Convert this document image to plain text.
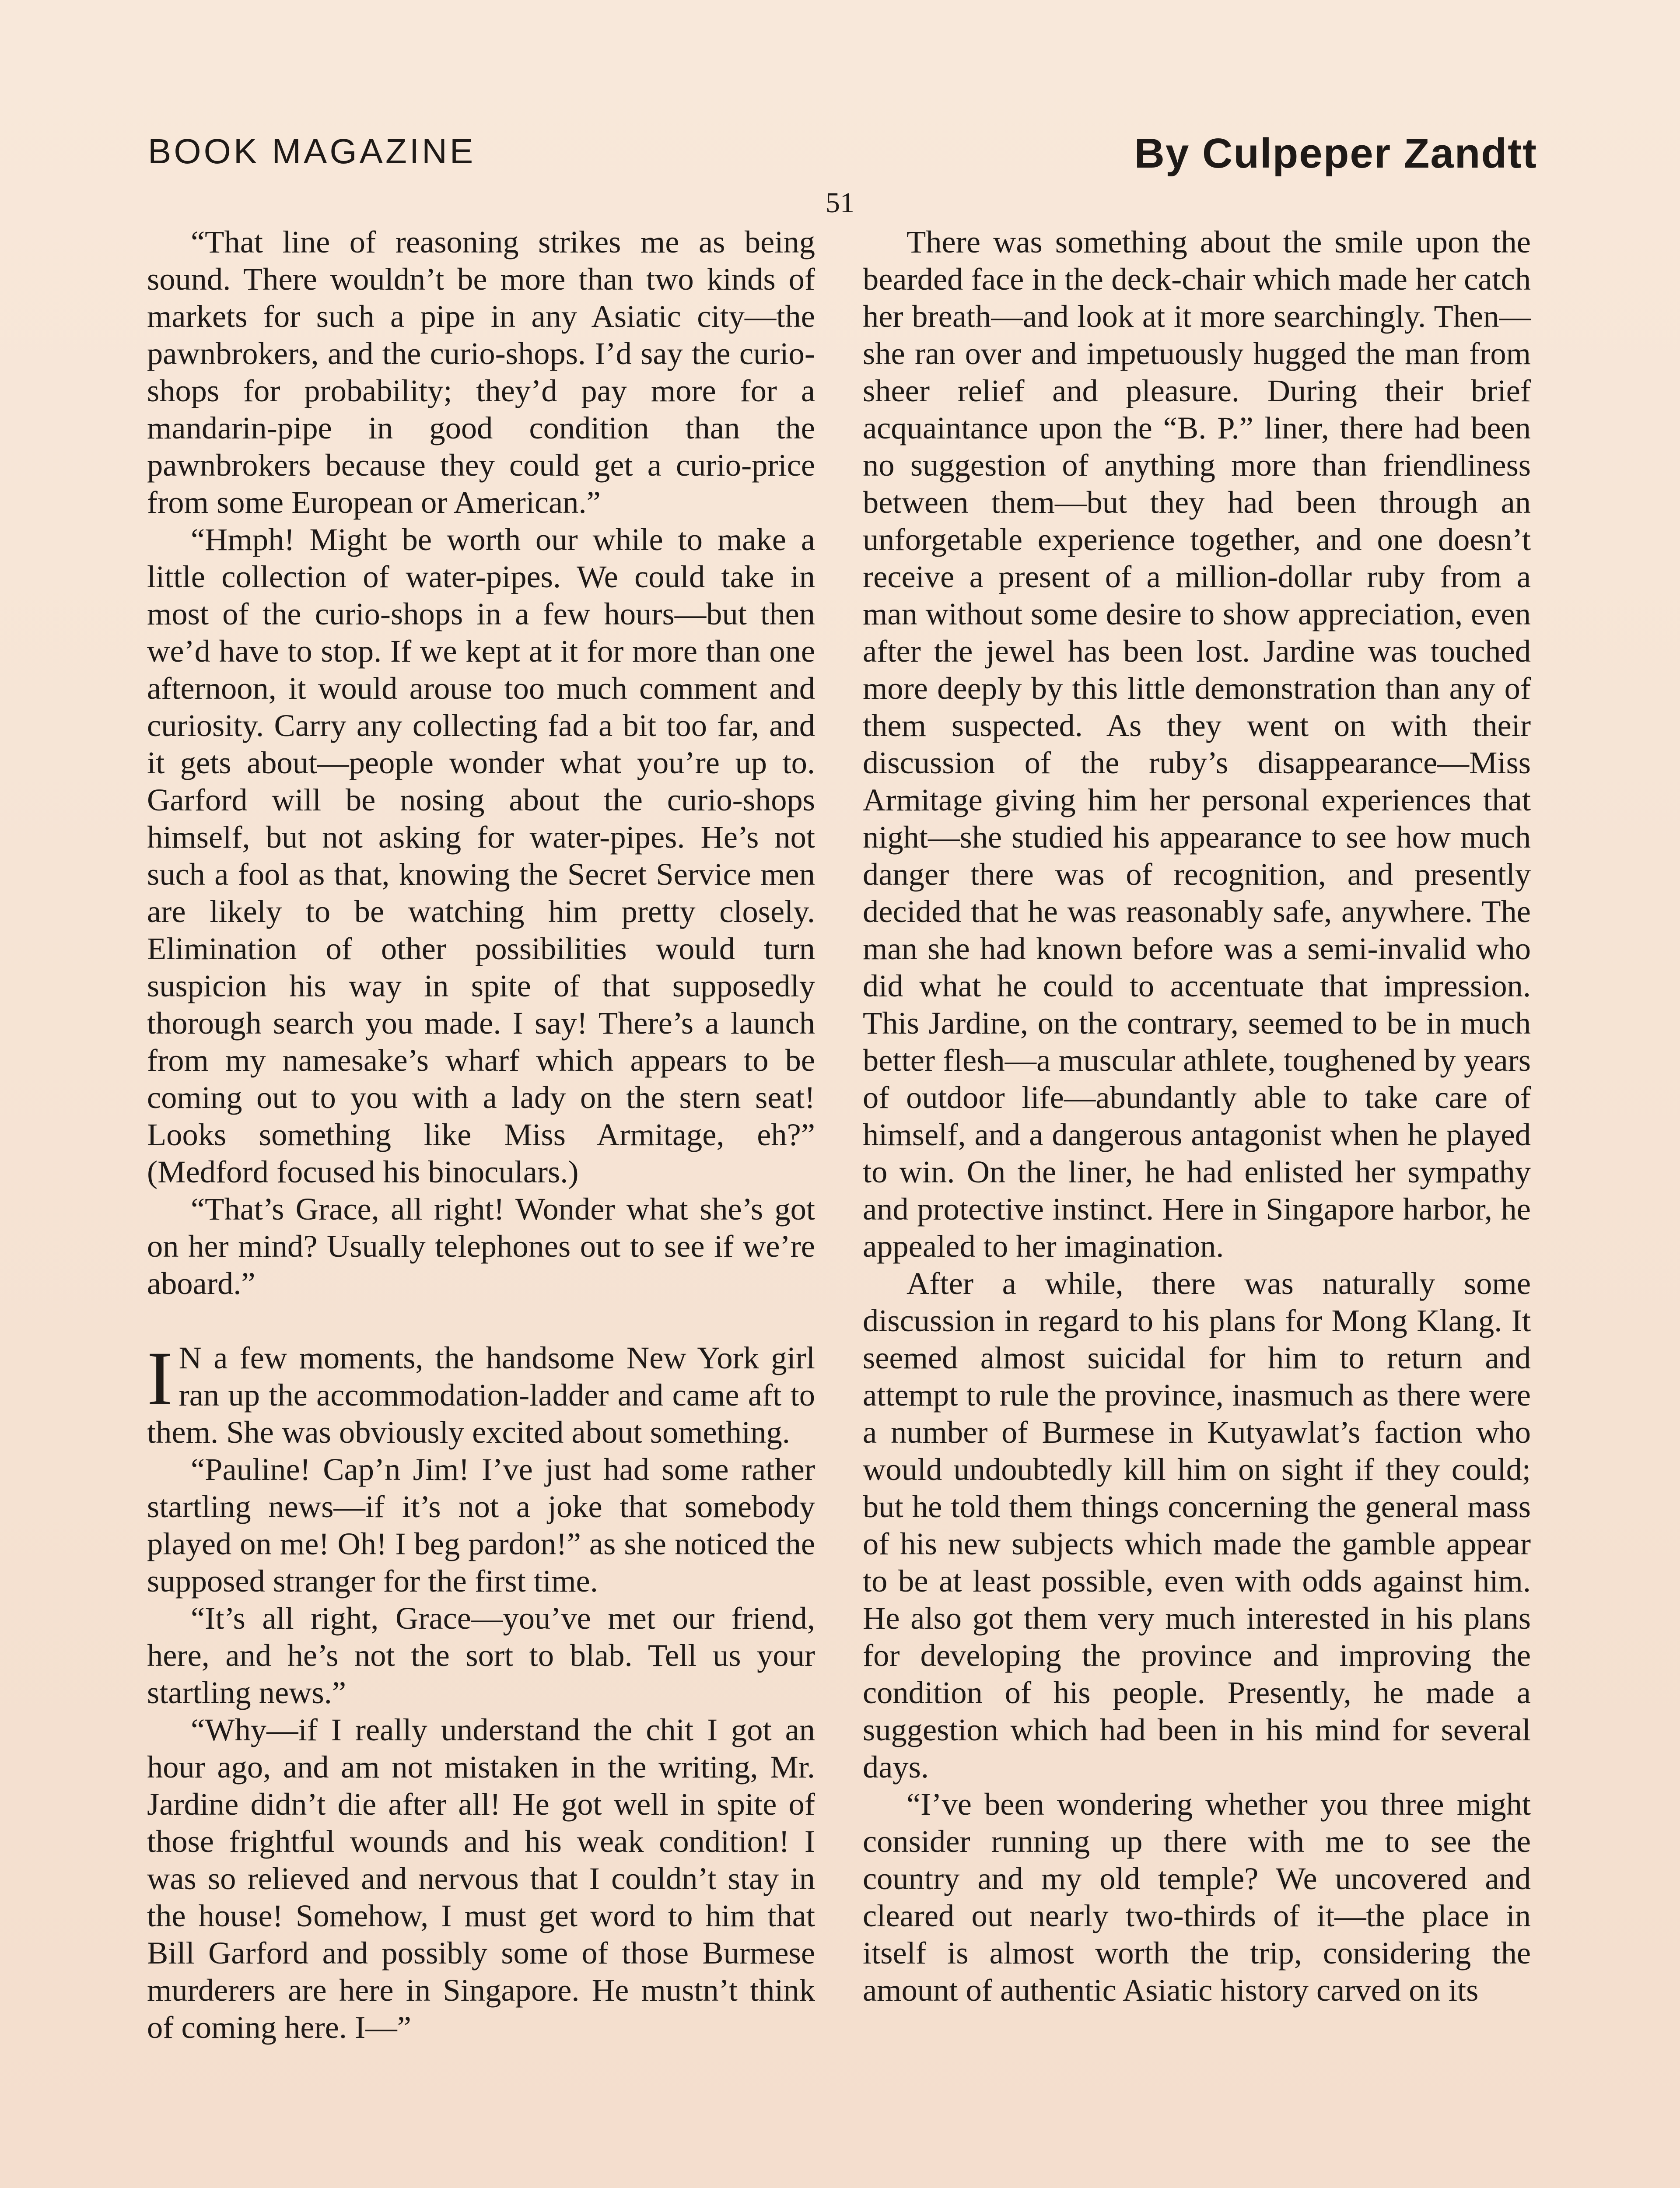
BOOK MAGAZINE	By Culpeper Zandtt
51

“That line of reasoning strikes me as being sound. There wouldn’t be more than two kinds of markets for such a pipe in any Asiatic city—the pawnbrokers, and the curio-shops. I’d say the curio-shops for probability; they’d pay more for a mandarin-pipe in good condition than the pawnbrokers because they could get a curio-price from some European or American.”

“Hmph! Might be worth our while to make a little collection of water-pipes. We could take in most of the curio-shops in a few hours—but then we’d have to stop. If we kept at it for more than one afternoon, it would arouse too much comment and curiosity. Carry any collecting fad a bit too far, and it gets about—people wonder what you’re up to. Garford will be nosing about the curio-shops himself, but not asking for water-pipes. He’s not such a fool as that, knowing the Secret Service men are likely to be watching him pretty closely. Elimination of other possibilities would turn suspicion his way in spite of that supposedly thorough search you made. I say! There’s a launch from my namesake’s wharf which appears to be coming out to you with a lady on the stern seat! Looks something like Miss Armitage, eh?” (Medford focused his binoculars.)

“That’s Grace, all right! Wonder what she’s got on her mind? Usually telephones out to see if we’re aboard.”

I N a few moments, the handsome New York girl ran up the accommodation-ladder and came aft to them. She was obviously excited about something.

“Pauline! Cap’n Jim! I’ve just had some rather startling news—if it’s not a joke that somebody played on me! Oh! I beg pardon!” as she noticed the supposed stranger for the first time.

“It’s all right, Grace—you’ve met our friend, here, and he’s not the sort to blab. Tell us your startling news.”

“Why—if I really understand the chit I got an hour ago, and am not mistaken in the writing, Mr. Jardine didn’t die after all! He got well in spite of those frightful wounds and his weak condition! I was so relieved and nervous that I couldn’t stay in the house! Somehow, I must get word to him that Bill Garford and possibly some of those Burmese murderers are here in Singapore. He mustn’t think of coming here. I—”

There was something about the smile upon the bearded face in the deck-chair which made her catch her breath—and look at it more searchingly. Then—she ran over and impetuously hugged the man from sheer relief and pleasure. During their brief acquaintance upon the “B. P.” liner, there had been no suggestion of anything more than friendliness between them—but they had been through an unforgetable experience together, and one doesn’t receive a present of a million-dollar ruby from a man without some desire to show appreciation, even after the jewel has been lost. Jardine was touched more deeply by this little demonstration than any of them suspected. As they went on with their discussion of the ruby’s disappearance—Miss Armitage giving him her personal experiences that night—she studied his appearance to see how much danger there was of recognition, and presently decided that he was reasonably safe, anywhere. The man she had known before was a semi-invalid who did what he could to accentuate that impression. This Jardine, on the contrary, seemed to be in much better flesh—a muscular athlete, toughened by years of outdoor life—abundantly able to take care of himself, and a dangerous antagonist when he played to win. On the liner, he had enlisted her sympathy and protective instinct. Here in Singapore harbor, he appealed to her imagination.

After a while, there was naturally some discussion in regard to his plans for Mong Klang. It seemed almost suicidal for him to return and attempt to rule the province, inasmuch as there were a number of Burmese in Kutyawlat’s faction who would undoubtedly kill him on sight if they could; but he told them things concerning the general mass of his new subjects which made the gamble appear to be at least possible, even with odds against him. He also got them very much interested in his plans for developing the province and improving the condition of his people. Presently, he made a suggestion which had been in his mind for several days.

“I’ve been wondering whether you three might consider running up there with me to see the country and my old temple? We uncovered and cleared out nearly two-thirds of it—the place in itself is almost worth the trip, considering the amount of authentic Asiatic history carved on its
